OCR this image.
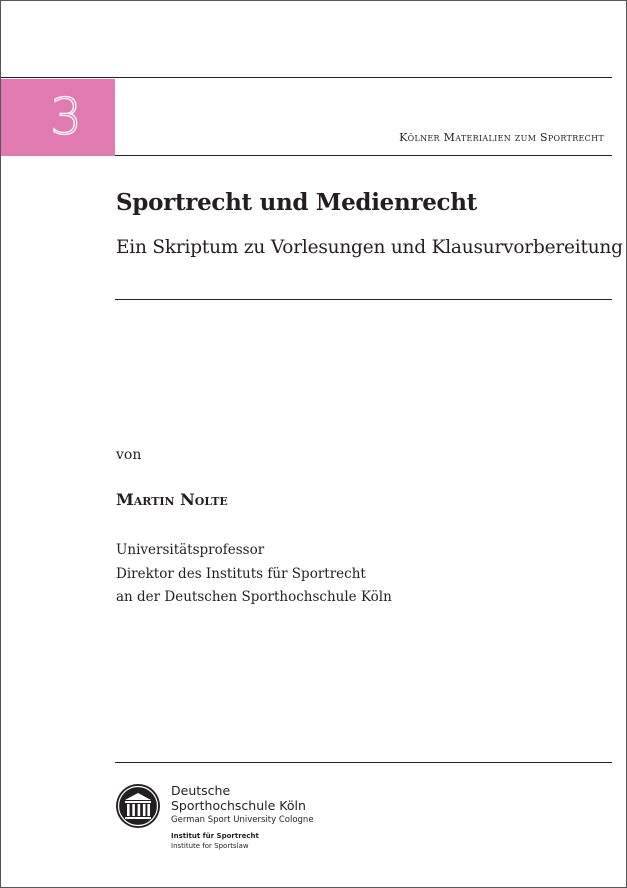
3	Kölner Materialien zum Sportrecht
Sportrecht und Medienrecht
Ein Skriptum zu Vorlesungen und Klausurvorbereitung
von
Martin Nolte
Universitätsprofessor
Direktor des Instituts für Sportrecht
an der Deutschen Sporthochschule Köln
Deutsche
Sporthochschule Köln
German Sport University Cologne
Institut für Sportrecht
Institute for Sportslaw
